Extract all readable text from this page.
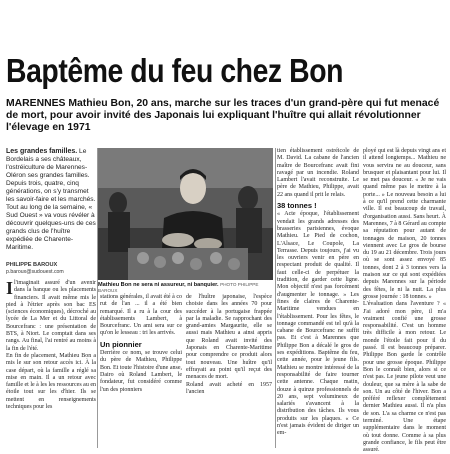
Baptême du feu chez Bon
MARENNES Mathieu Bon, 20 ans, marche sur les traces d'un grand-père qui fut menacé de mort, pour avoir invité des Japonais lui expliquant l'huître qui allait révolutionner l'élevage en 1971
Les grandes familles. Le Bordelais a ses châteaux, l'ostréiculture de Marennes-Oléron ses grandes familles. Depuis trois, quatre, cinq générations, on s'y transmet les savoir-faire et les marchés. Tout au long de la semaine, « Sud Ouest » va vous révéler à découvrir quelques-uns de ces grands clus de l'huître expédiée de Charente-Maritime.
PHILIPPE BAROUX
p.baroux@sudouest.com
Mathieu Bon ne sera ni assureur, ni banquier. PHOTO PHILIPPE BAROUX
Il'imaginait assuré d'un avenir dans la banque ou les placements financiers. Il avait même mis le pied à l'étrier après son bac ES (sciences économiques), décroché au lycée de La Mer et du Littoral de Bourcefranc : une présentation de BTS, à Niort. Le comptait dans ses rangs. Au final, l'ai rentré au moins à la fin de l'été.
En fin de placement, Mathieu Bon a mis le sur son retour accès ici. À la case départ, où la famille a réglé sa mise en main. Il a un retour avec famille et le à les les ressources au en étoile tout sur les d'hier. Ils se mettent en renseignements techniques pour les
stations générales, il avait été à co rut de l'an ... il a été bien remarqué. Il a ru à la cour des établissements Lambert, à Bourcefranc. Un ami sera sur ce qu'on le lesseau : tri les arrivés.
Un pionnier
Derrière ce nom, se trouve celui du père de Mathieu, Philippe Bon. Et toute l'histoire d'une anse, Dairo où Roland Lambert, le fondateur, fut considéré comme l'un des pionniers
de l'huître japonaise, l'espèce choisie dans les années 70 pour succéder à la portugaise frappée par la maladie. Se rapprochant des grand-amies Margaurite, elle se aussi mais Mathieu a ainsi appris que Roland avait invité des Japonais en Charente-Maritime pour comprendre ce produit alors tout nouveau. Une huître qu'il effrayait au point qu'il reçut des menaces de mort.
Roland avait acheté en 1957 l'ancien
tien établissement ostréicole de M. David. La cabane de l'ancien maître de Bourcefranc avait fini ravagé par un incendie. Roland Lambert l'avait reconstruite. Le père de Mathieu, Philippe, avait 22 ans quand il prit le relais.
38 tonnes !
« Acte époque, l'établissement vendait les grands adresses des brasseries parisiennes, évoque Mathieu. Le Pied de cochon, L'Alsace, Le Coupole, La Terrasse. Depuis toujours, j'ai vu les ouvriers venir en père en respectant produit de qualité. Il faut celle-ci de perpétuer la tradition, de garder cette ligne. Mon objectif n'est pas forcément d'augmenter le tonnage. » Les fines de claires de Charente-Maritime vendues en l'établissement. Pour les fêtes, le tonnage commandé est tel qu'à la cabane de Bourcefranc ne suffit pas. Et c'est à Marennes que Philippe Bon a décalé le gros de ses expéditions. Baptême du feu, cette année, pour le jeune fils. Mathieu se montre intéressé de la responsabilité de faire tourner cette antenne. Chaque matin, douze à quinze professionnels de 20 ans, sept volumineux de salariés s'avancent à la distribution des tâches. Ils vous produits sur les plaques. « Ce n'est jamais évident de diriger un em-
ployé qui est là depuis vingt ans et il attend longtemps... Mathieu ne vous servira ne au douceur, sans brusquer et plaisantant pour lui. Il se met pas douceur. « Je ne vais quand même pas le mettre à la porte... » Le nouveau besoin a lui à ce qu'il prend cette charmante ville. Il est beaucoup de travail, d'organisation aussi. Sans heurt. À Marennes, 7 à 8 Gérard au compte sa réputation pour autant de tonnages de maison, 20 tonnes viennent avec Le gros de bourse du 19 au 21 décembre. Trois jours où se sont assez envoyé 85 tonnes, dont 2 à 3 tonnes vers la maison sur ce qui sont expédiées depuis Marennes sur la période des fêtes, le ni la nuit. La plus grosse journée : 18 tonnes. »
L'évaluation dans l'aventure ? « J'ai adoré mon père, il m'a vraiment confié une grosse responsabilité. C'est un homme très difficile à mon retour. Le monde l'étoile fait pour il du passé. Il est beaucoup préparer. Philippe Bon garde le contrôle pour une grosse époque. Philippe Bon le connaît bien, alors si ce n'est pas. Le jeune pilote veut une douleur, que sa mère à la sabe de son. Un au côté de l'hiver. Bon a préféré reflexer complètement dernier Mathieu aussi. Il n'a plus de son. L'a sa charme ce n'est pas terminé. Une étape supplémentaire dans le moment où tout donne. Comme à sa plus grande confiance, le fils peut être assuré.
